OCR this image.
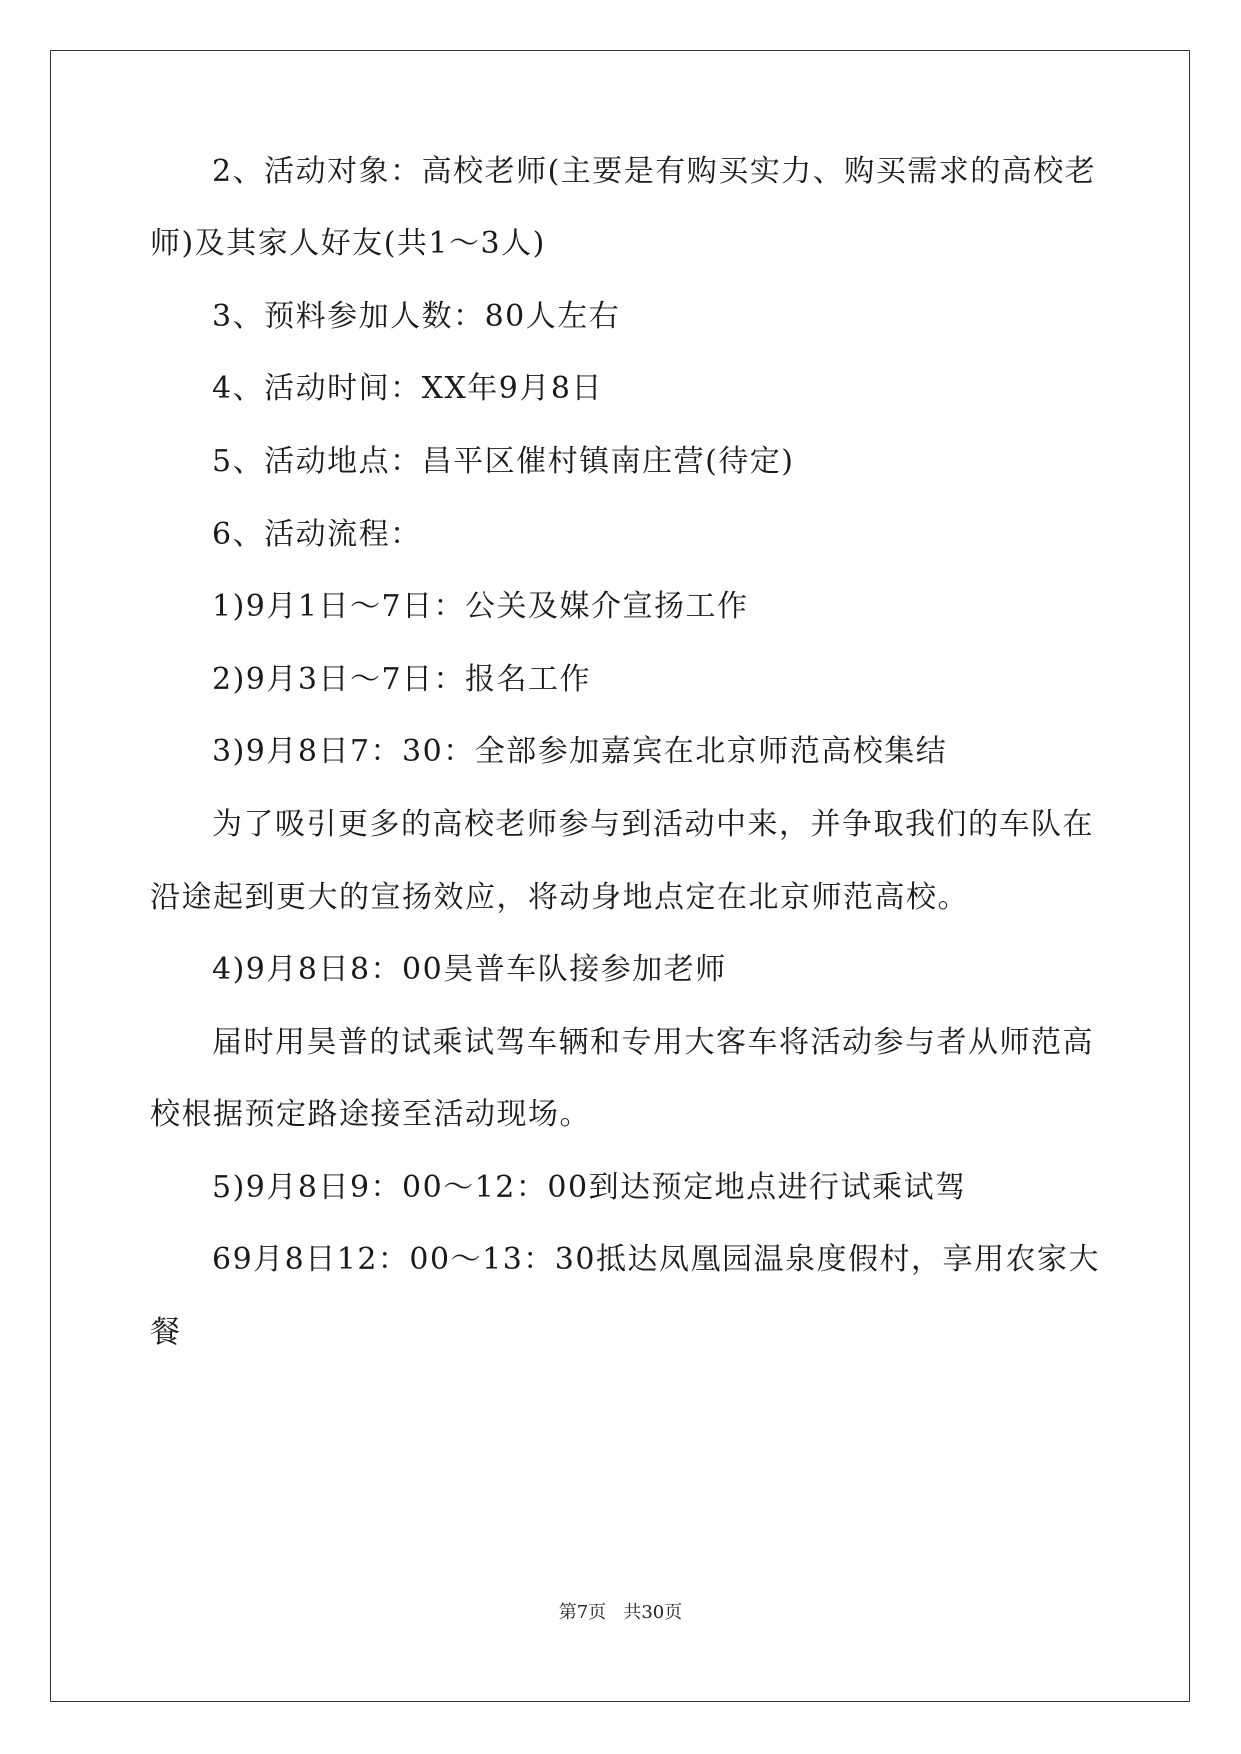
2、活动对象：高校老师(主要是有购买实力、购买需求的高校老
师)及其家人好友(共1～3人)
3、预料参加人数：80人左右
4、活动时间：XX年9月8日
5、活动地点：昌平区催村镇南庄营(待定)
6、活动流程：
1)9月1日～7日：公关及媒介宣扬工作
2)9月3日～7日：报名工作
3)9月8日7：30：全部参加嘉宾在北京师范高校集结
为了吸引更多的高校老师参与到活动中来，并争取我们的车队在
沿途起到更大的宣扬效应，将动身地点定在北京师范高校。
4)9月8日8：00昊普车队接参加老师
届时用昊普的试乘试驾车辆和专用大客车将活动参与者从师范高
校根据预定路途接至活动现场。
5)9月8日9：00～12：00到达预定地点进行试乘试驾
69月8日12：00～13：30抵达凤凰园温泉度假村，享用农家大
餐
第7页   共30页
